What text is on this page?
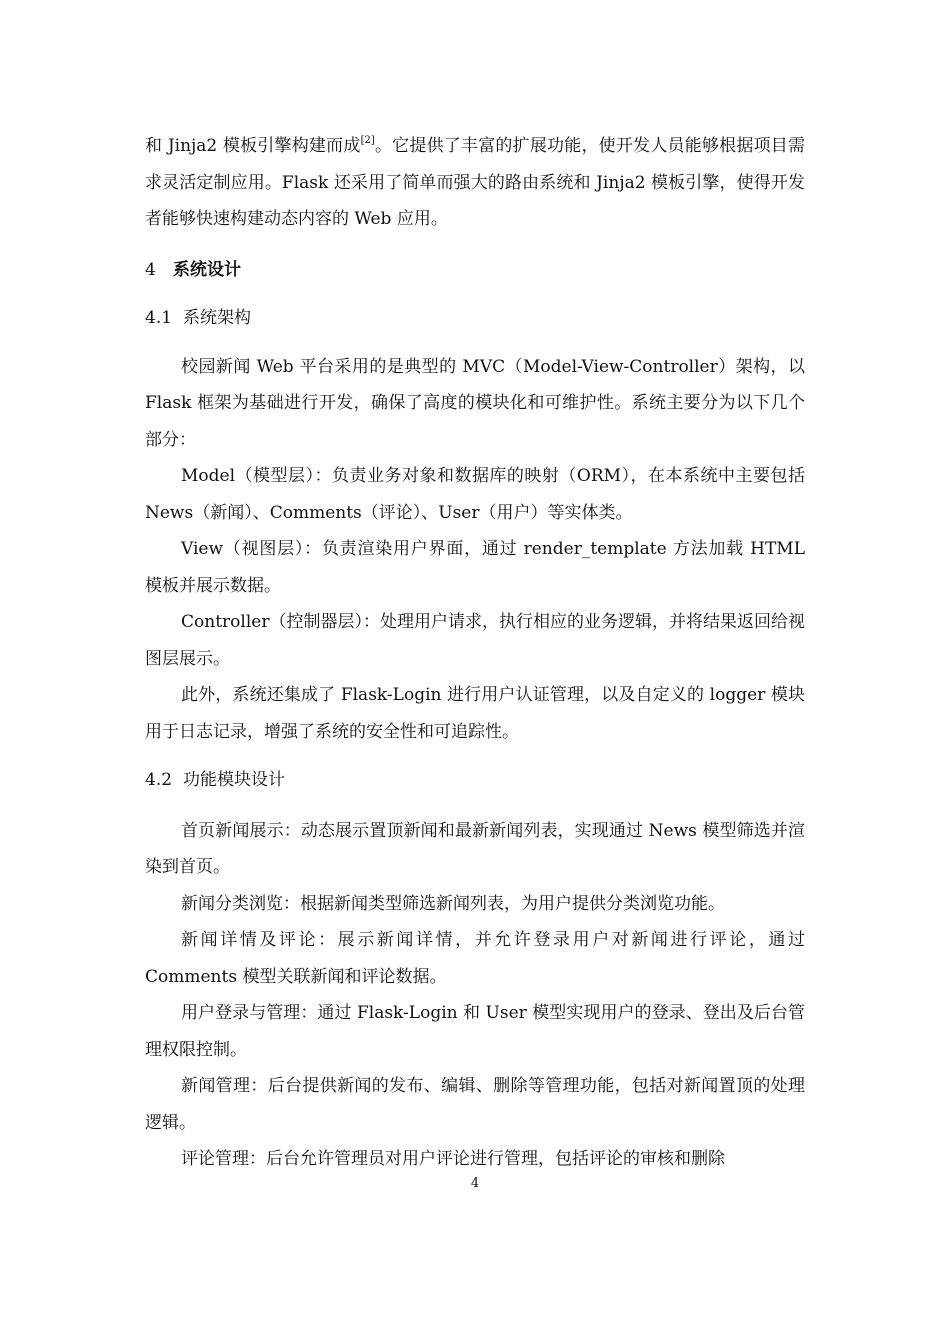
和 Jinja2 模板引擎构建而成[2]。它提供了丰富的扩展功能，使开发人员能够根据项目需求灵活定制应用。Flask 还采用了简单而强大的路由系统和 Jinja2 模板引擎，使得开发者能够快速构建动态内容的 Web 应用。

4 系统设计

4.1 系统架构

校园新闻 Web 平台采用的是典型的 MVC（Model-View-Controller）架构，以 Flask 框架为基础进行开发，确保了高度的模块化和可维护性。系统主要分为以下几个部分：

Model（模型层）：负责业务对象和数据库的映射（ORM），在本系统中主要包括 News（新闻）、Comments（评论）、User（用户）等实体类。

View（视图层）：负责渲染用户界面，通过 render_template 方法加载 HTML 模板并展示数据。

Controller（控制器层）：处理用户请求，执行相应的业务逻辑，并将结果返回给视图层展示。

此外，系统还集成了 Flask-Login 进行用户认证管理，以及自定义的 logger 模块用于日志记录，增强了系统的安全性和可追踪性。

4.2 功能模块设计

首页新闻展示：动态展示置顶新闻和最新新闻列表，实现通过 News 模型筛选并渲染到首页。

新闻分类浏览：根据新闻类型筛选新闻列表，为用户提供分类浏览功能。

新闻详情及评论：展示新闻详情，并允许登录用户对新闻进行评论，通过 Comments 模型关联新闻和评论数据。

用户登录与管理：通过 Flask-Login 和 User 模型实现用户的登录、登出及后台管理权限控制。

新闻管理：后台提供新闻的发布、编辑、删除等管理功能，包括对新闻置顶的处理逻辑。

评论管理：后台允许管理员对用户评论进行管理，包括评论的审核和删除

4
